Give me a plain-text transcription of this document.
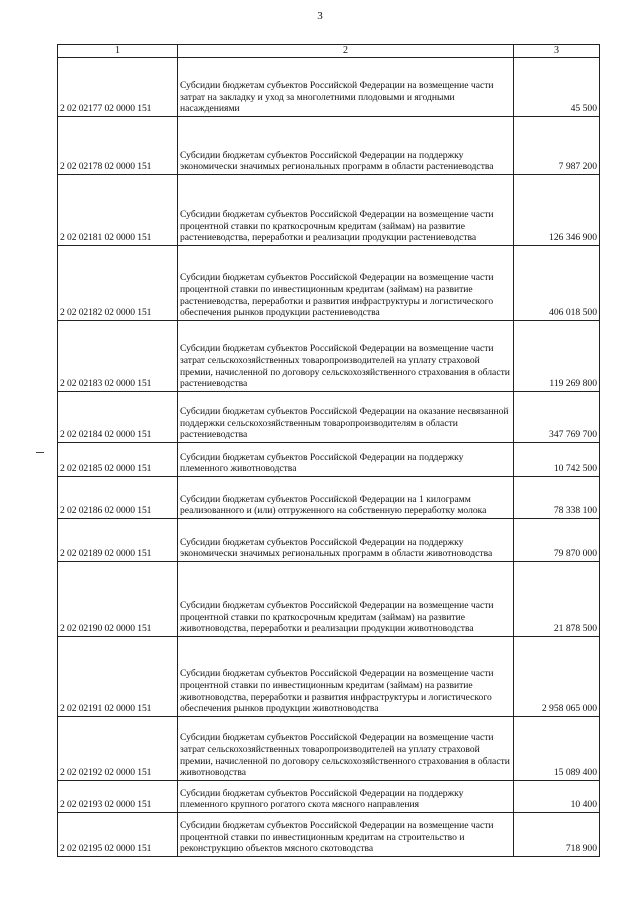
3
1	2	3
2 02 02177 02 0000 151	Субсидии бюджетам субъектов Российской Федерации на возмещение части затрат на закладку и уход за многолетними плодовыми и ягодными насаждениями	45 500
2 02 02178 02 0000 151	Субсидии бюджетам субъектов Российской Федерации на поддержку экономически значимых региональных программ в области растениеводства	7 987 200
2 02 02181 02 0000 151	Субсидии бюджетам субъектов Российской Федерации на возмещение части процентной ставки по краткосрочным кредитам (займам) на развитие растениеводства, переработки и реализации продукции растениеводства	126 346 900
2 02 02182 02 0000 151	Субсидии бюджетам субъектов Российской Федерации на возмещение части процентной ставки по инвестиционным кредитам (займам) на развитие растениеводства, переработки и развития инфраструктуры и логистического обеспечения рынков продукции растениеводства	406 018 500
2 02 02183 02 0000 151	Субсидии бюджетам субъектов Российской Федерации на возмещение части затрат сельскохозяйственных товаропроизводителей на уплату страховой премии, начисленной по договору сельскохозяйственного страхования в области растениеводства	119 269 800
2 02 02184 02 0000 151	Субсидии бюджетам субъектов Российской Федерации на оказание несвязанной поддержки сельскохозяйственным товаропроизводителям в области растениеводства	347 769 700
2 02 02185 02 0000 151	Субсидии бюджетам субъектов Российской Федерации на поддержку племенного животноводства	10 742 500
2 02 02186 02 0000 151	Субсидии бюджетам субъектов Российской Федерации на 1 килограмм реализованного и (или) отгруженного на собственную переработку молока	78 338 100
2 02 02189 02 0000 151	Субсидии бюджетам субъектов Российской Федерации на поддержку экономически значимых региональных программ в области животноводства	79 870 000
2 02 02190 02 0000 151	Субсидии бюджетам субъектов Российской Федерации на возмещение части процентной ставки по краткосрочным кредитам (займам) на развитие животноводства, переработки и реализации продукции животноводства	21 878 500
2 02 02191 02 0000 151	Субсидии бюджетам субъектов Российской Федерации на возмещение части процентной ставки по инвестиционным кредитам (займам) на развитие животноводства, переработки и развития инфраструктуры и логистического обеспечения рынков продукции животноводства	2 958 065 000
2 02 02192 02 0000 151	Субсидии бюджетам субъектов Российской Федерации на возмещение части затрат сельскохозяйственных товаропроизводителей на уплату страховой премии, начисленной по договору сельскохозяйственного страхования в области животноводства	15 089 400
2 02 02193 02 0000 151	Субсидии бюджетам субъектов Российской Федерации на поддержку племенного крупного рогатого скота мясного направления	10 400
2 02 02195 02 0000 151	Субсидии бюджетам субъектов Российской Федерации на возмещение части процентной ставки по инвестиционным кредитам на строительство и реконструкцию объектов мясного скотоводства	718 900
